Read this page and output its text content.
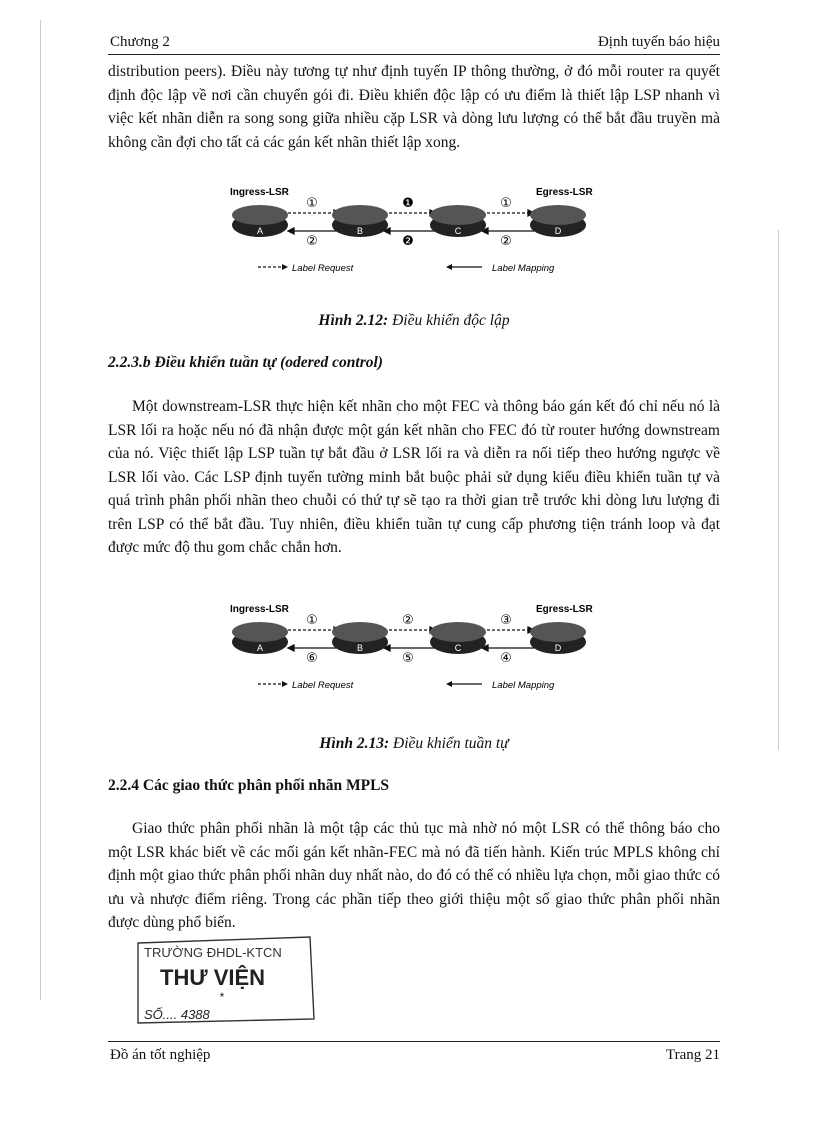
Chương 2	Định tuyến báo hiệu
distribution peers). Điều này tương tự như định tuyến IP thông thường, ở đó mỗi router ra quyết định độc lập về nơi cần chuyển gói đi. Điều khiển độc lập có ưu điểm là thiết lập LSP nhanh vì việc kết nhãn diễn ra song song giữa nhiều cặp LSR và dòng lưu lượng có thể bắt đầu truyền mà không cần đợi cho tất cả các gán kết nhãn thiết lập xong.
Ingress-LSR	Egress-LSR
①	❶	①
②	❷	②
A	B	C	D
Label Request	Label Mapping
Hình 2.12: Điều khiển độc lập
2.2.3.b Điều khiển tuần tự (odered control)
Một downstream-LSR thực hiện kết nhãn cho một FEC và thông báo gán kết đó chỉ nếu nó là LSR lối ra hoặc nếu nó đã nhận được một gán kết nhãn cho FEC đó từ router hướng downstream của nó. Việc thiết lập LSP tuần tự bắt đầu ở LSR lối ra và diễn ra nối tiếp theo hướng ngược về LSR lối vào. Các LSP định tuyến tường minh bắt buộc phải sử dụng kiểu điều khiển tuần tự và quá trình phân phối nhãn theo chuỗi có thứ tự sẽ tạo ra thời gian trễ trước khi dòng lưu lượng đi trên LSP có thể bắt đầu. Tuy nhiên, điều khiển tuần tự cung cấp phương tiện tránh loop và đạt được mức độ thu gom chắc chắn hơn.
Ingress-LSR	Egress-LSR
①	②	③
⑥	⑤	④
A	B	C	D
Label Request	Label Mapping
Hình 2.13: Điều khiển tuần tự
2.2.4 Các giao thức phân phối nhãn MPLS
Giao thức phân phối nhãn là một tập các thủ tục mà nhờ nó một LSR có thể thông báo cho một LSR khác biết về các mối gán kết nhãn-FEC mà nó đã tiến hành. Kiến trúc MPLS không chỉ định một giao thức phân phối nhãn duy nhất nào, do đó có thể có nhiều lựa chọn, mỗi giao thức có ưu và nhược điểm riêng. Trong các phần tiếp theo giới thiệu một số giao thức phân phối nhãn được dùng phổ biến.
TRƯỜNG ĐHDL-KTCN
THƯ VIỆN
*
SỐ.... 4388
Đồ án tốt nghiệp	Trang 21
